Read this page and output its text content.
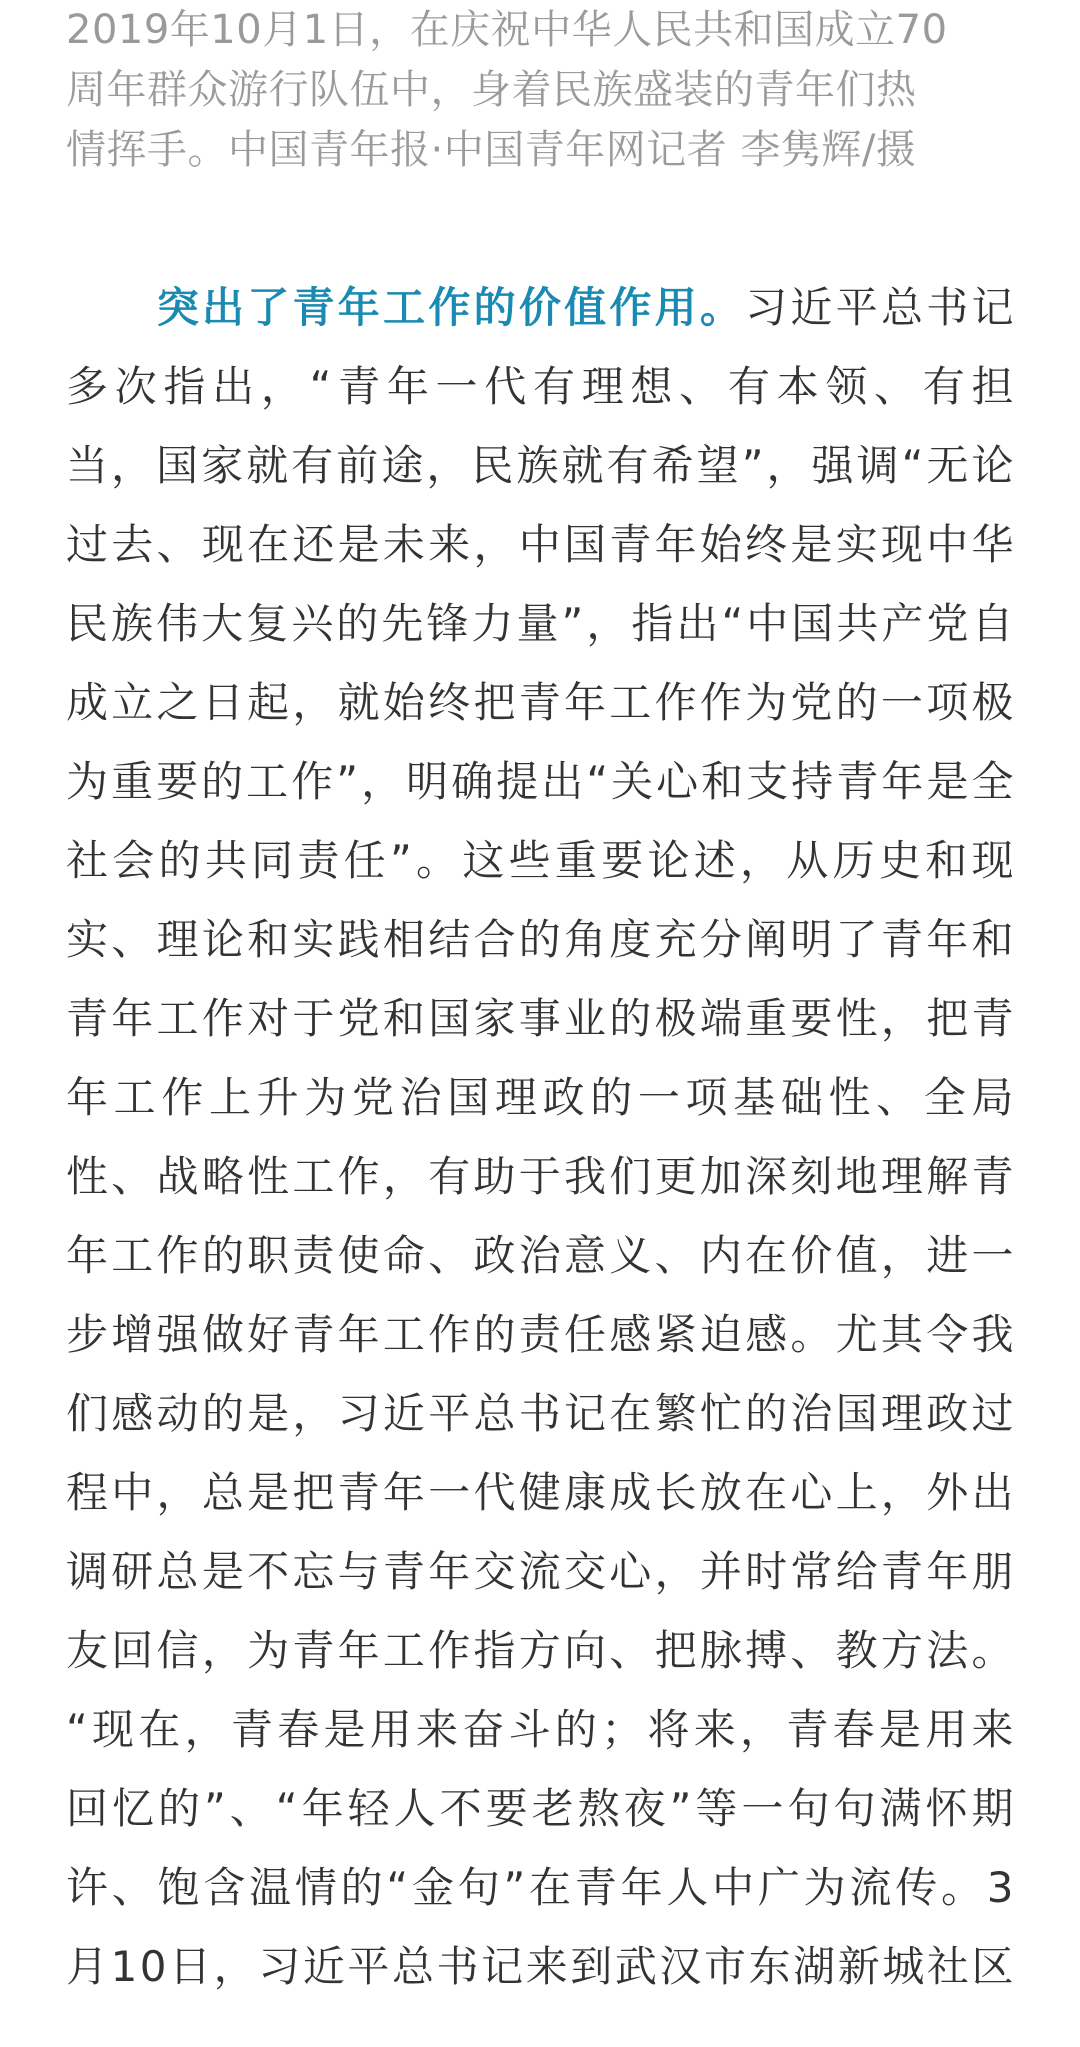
2019年10月1日，在庆祝中华人民共和国成立70
周年群众游行队伍中，身着民族盛装的青年们热
情挥手。中国青年报·中国青年网记者 李隽辉/摄
突出了青年工作的价值作用。习近平总书记
多次指出，“青年一代有理想、有本领、有担
当，国家就有前途，民族就有希望”，强调“无论
过去、现在还是未来，中国青年始终是实现中华
民族伟大复兴的先锋力量”，指出“中国共产党自
成立之日起，就始终把青年工作作为党的一项极
为重要的工作”，明确提出“关心和支持青年是全
社会的共同责任”。这些重要论述，从历史和现
实、理论和实践相结合的角度充分阐明了青年和
青年工作对于党和国家事业的极端重要性，把青
年工作上升为党治国理政的一项基础性、全局
性、战略性工作，有助于我们更加深刻地理解青
年工作的职责使命、政治意义、内在价值，进一
步增强做好青年工作的责任感紧迫感。尤其令我
们感动的是，习近平总书记在繁忙的治国理政过
程中，总是把青年一代健康成长放在心上，外出
调研总是不忘与青年交流交心，并时常给青年朋
友回信，为青年工作指方向、把脉搏、教方法。
“现在，青春是用来奋斗的；将来，青春是用来
回忆的”、“年轻人不要老熬夜”等一句句满怀期
许、饱含温情的“金句”在青年人中广为流传。3
月10日，习近平总书记来到武汉市东湖新城社区
